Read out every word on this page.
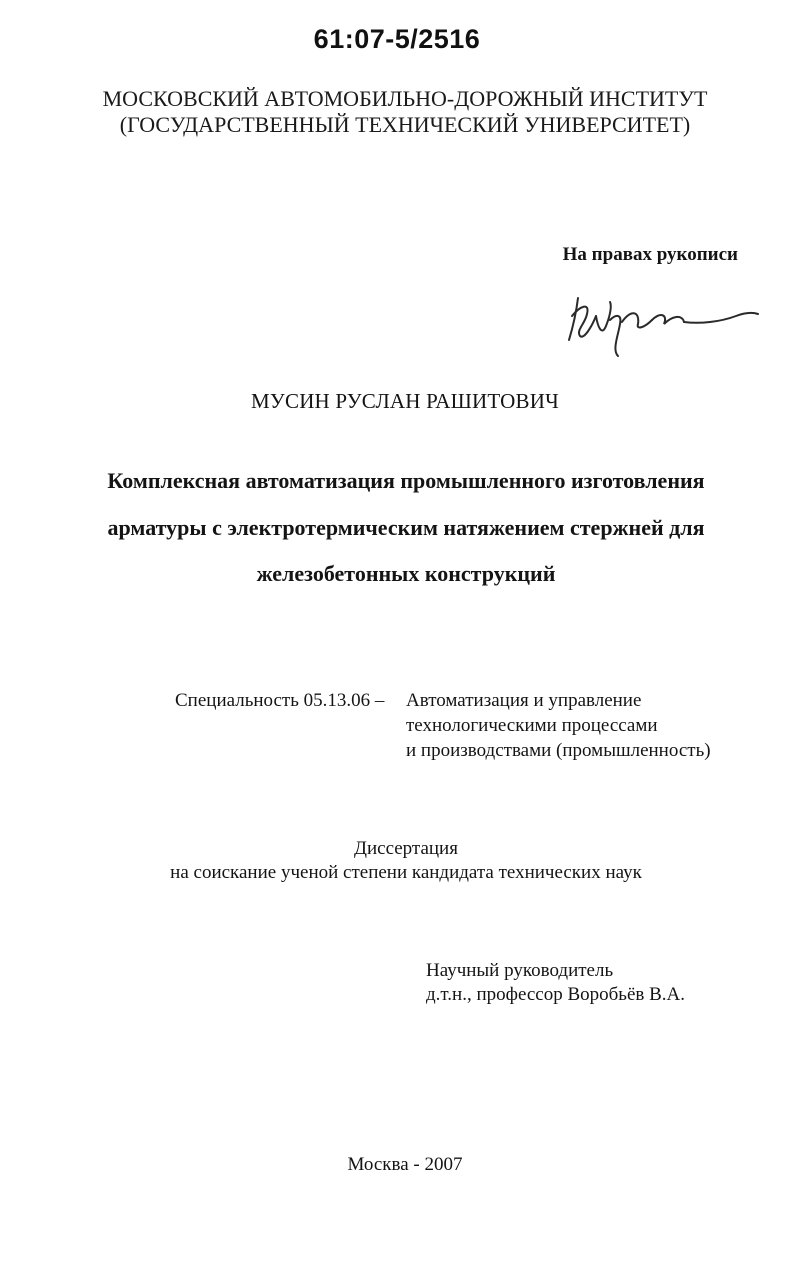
61:07-5/2516
МОСКОВСКИЙ АВТОМОБИЛЬНО-ДОРОЖНЫЙ ИНСТИТУТ
(ГОСУДАРСТВЕННЫЙ ТЕХНИЧЕСКИЙ УНИВЕРСИТЕТ)
На правах рукописи
МУСИН РУСЛАН РАШИТОВИЧ
Комплексная автоматизация промышленного изготовления
арматуры с электротермическим натяжением стержней для
железобетонных конструкций
Специальность 05.13.06 – Автоматизация и управление
технологическими процессами
и производствами (промышленность)
Диссертация
на соискание ученой степени кандидата технических наук
Научный руководитель
д.т.н., профессор Воробьёв В.А.
Москва - 2007
